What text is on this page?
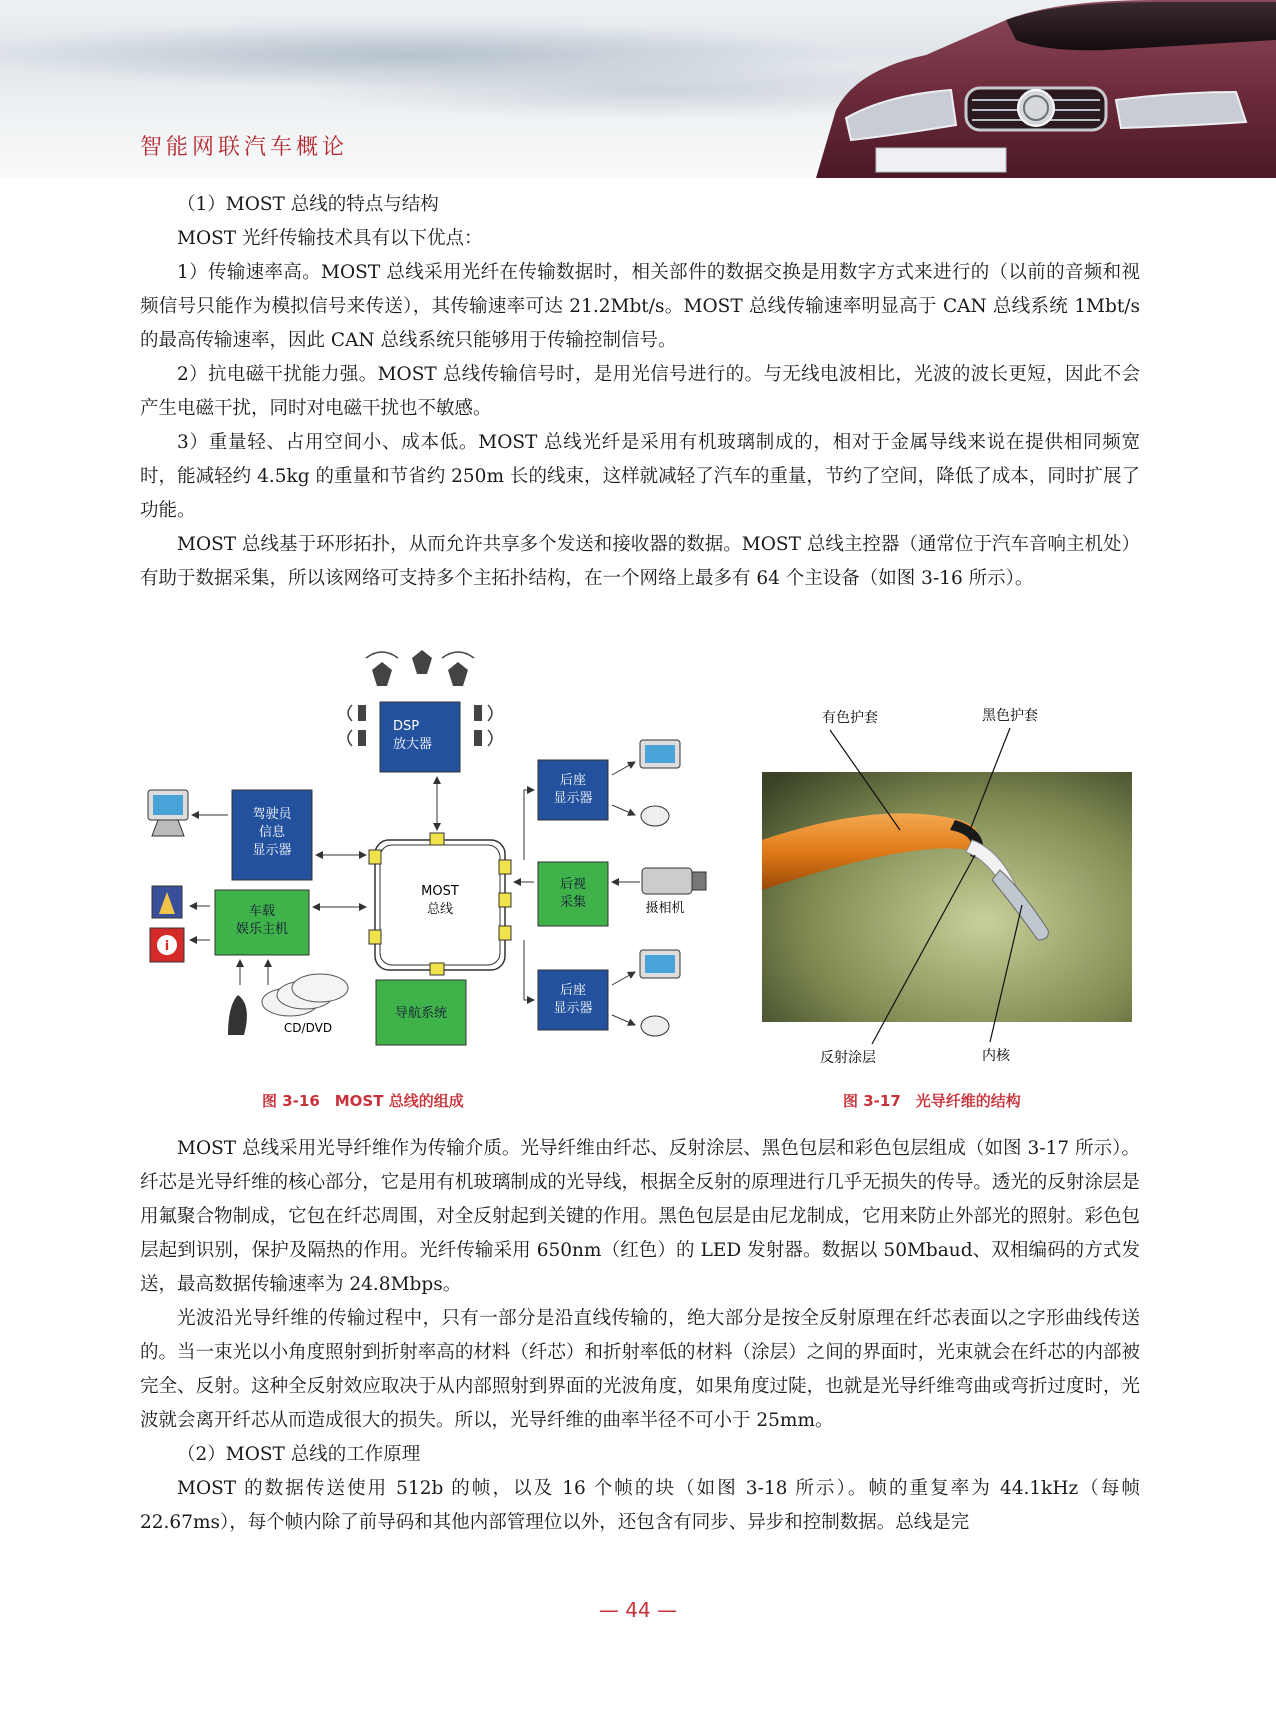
智能网联汽车概论

（1）MOST 总线的特点与结构

MOST 光纤传输技术具有以下优点：

1）传输速率高。MOST 总线采用光纤在传输数据时，相关部件的数据交换是用数字方式来进行的（以前的音频和视频信号只能作为模拟信号来传送），其传输速率可达 21.2Mbt/s。MOST 总线传输速率明显高于 CAN 总线系统 1Mbt/s 的最高传输速率，因此 CAN 总线系统只能够用于传输控制信号。

2）抗电磁干扰能力强。MOST 总线传输信号时，是用光信号进行的。与无线电波相比，光波的波长更短，因此不会产生电磁干扰，同时对电磁干扰也不敏感。

3）重量轻、占用空间小、成本低。MOST 总线光纤是采用有机玻璃制成的，相对于金属导线来说在提供相同频宽时，能减轻约 4.5kg 的重量和节省约 250m 长的线束，这样就减轻了汽车的重量，节约了空间，降低了成本，同时扩展了功能。

MOST 总线基于环形拓扑，从而允许共享多个发送和接收器的数据。MOST 总线主控器（通常位于汽车音响主机处）有助于数据采集，所以该网络可支持多个主拓扑结构，在一个网络上最多有 64 个主设备（如图 3-16 所示）。

MOST
总线
DSP
放大器
驾驶员
信息
显示器
车载
娱乐主机
i
CD/DVD
导航系统
后座
显示器
后视
采集	摄相机
后座
显示器
有色护套	黑色护套
反射涂层	内核
图 3-16　MOST 总线的组成	图 3-17　光导纤维的结构

MOST 总线采用光导纤维作为传输介质。光导纤维由纤芯、反射涂层、黑色包层和彩色包层组成（如图 3-17 所示）。纤芯是光导纤维的核心部分，它是用有机玻璃制成的光导线，根据全反射的原理进行几乎无损失的传导。透光的反射涂层是用氟聚合物制成，它包在纤芯周围，对全反射起到关键的作用。黑色包层是由尼龙制成，它用来防止外部光的照射。彩色包层起到识别，保护及隔热的作用。光纤传输采用 650nm（红色）的 LED 发射器。数据以 50Mbaud、双相编码的方式发送，最高数据传输速率为 24.8Mbps。

光波沿光导纤维的传输过程中，只有一部分是沿直线传输的，绝大部分是按全反射原理在纤芯表面以之字形曲线传送的。当一束光以小角度照射到折射率高的材料（纤芯）和折射率低的材料（涂层）之间的界面时，光束就会在纤芯的内部被完全、反射。这种全反射效应取决于从内部照射到界面的光波角度，如果角度过陡，也就是光导纤维弯曲或弯折过度时，光波就会离开纤芯从而造成很大的损失。所以，光导纤维的曲率半径不可小于 25mm。

（2）MOST 总线的工作原理

MOST 的数据传送使用 512b 的帧，以及 16 个帧的块（如图 3-18 所示）。帧的重复率为 44.1kHz（每帧 22.67ms），每个帧内除了前导码和其他内部管理位以外，还包含有同步、异步和控制数据。总线是完

— 44 —
